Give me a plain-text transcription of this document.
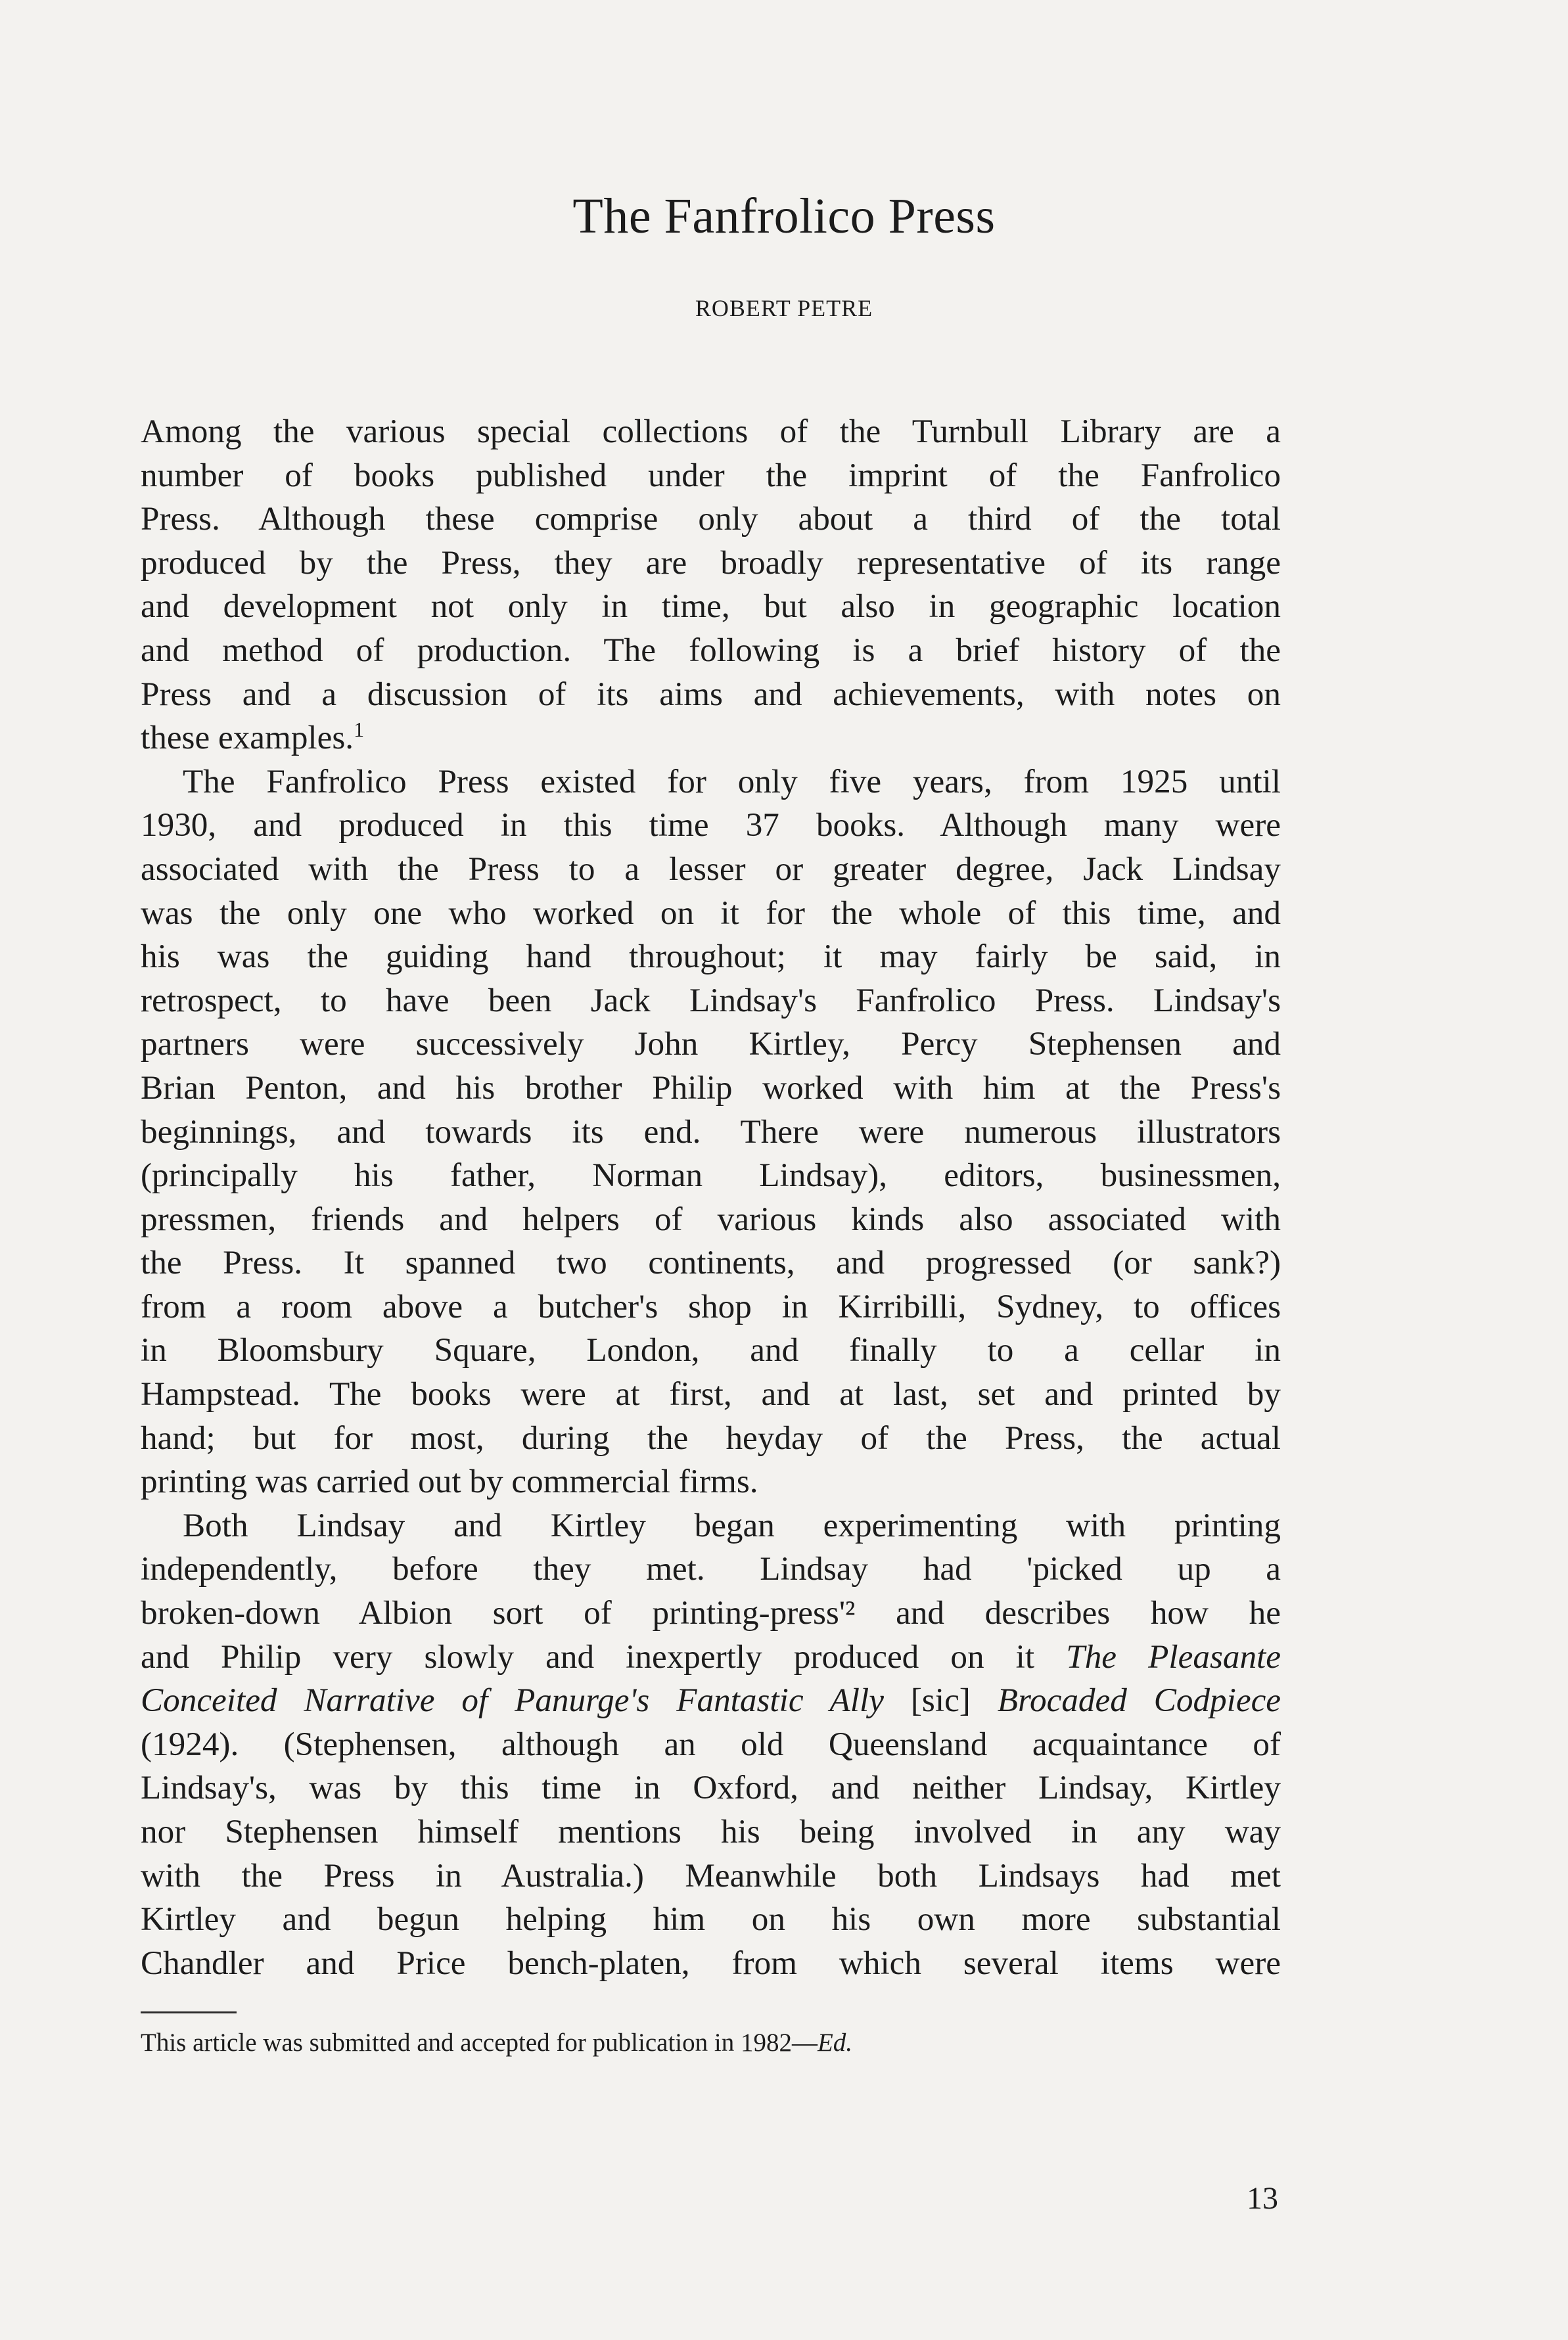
The Fanfrolico Press
ROBERT PETRE

Among the various special collections of the Turnbull Library are a

number of books published under the imprint of the Fanfrolico

Press. Although these comprise only about a third of the total

produced by the Press, they are broadly representative of its range

and development not only in time, but also in geographic location

and method of production. The following is a brief history of the

Press and a discussion of its aims and achievements, with notes on

these examples.$^1$

The Fanfrolico Press existed for only five years, from 1925 until

1930, and produced in this time 37 books. Although many were

associated with the Press to a lesser or greater degree, Jack Lindsay

was the only one who worked on it for the whole of this time, and

his was the guiding hand throughout; it may fairly be said, in

retrospect, to have been Jack Lindsay's Fanfrolico Press. Lindsay's

partners were successively John Kirtley, Percy Stephensen and

Brian Penton, and his brother Philip worked with him at the Press's

beginnings, and towards its end. There were numerous illustrators

(principally his father, Norman Lindsay), editors, businessmen,

pressmen, friends and helpers of various kinds also associated with

the Press. It spanned two continents, and progressed (or sank?)

from a room above a butcher's shop in Kirribilli, Sydney, to offices

in Bloomsbury Square, London, and finally to a cellar in

Hampstead. The books were at first, and at last, set and printed by

hand; but for most, during the heyday of the Press, the actual

printing was carried out by commercial firms.

Both Lindsay and Kirtley began experimenting with printing

independently, before they met. Lindsay had 'picked up a

broken-down Albion sort of printing-press'² and describes how he

and Philip very slowly and inexpertly produced on it The Pleasante

Conceited Narrative of Panurge's Fantastic Ally [sic] Brocaded Codpiece

(1924). (Stephensen, although an old Queensland acquaintance of

Lindsay's, was by this time in Oxford, and neither Lindsay, Kirtley

nor Stephensen himself mentions his being involved in any way

with the Press in Australia.) Meanwhile both Lindsays had met

Kirtley and begun helping him on his own more substantial

Chandler and Price bench-platen, from which several items were

This article was submitted and accepted for publication in 1982—Ed.
13
